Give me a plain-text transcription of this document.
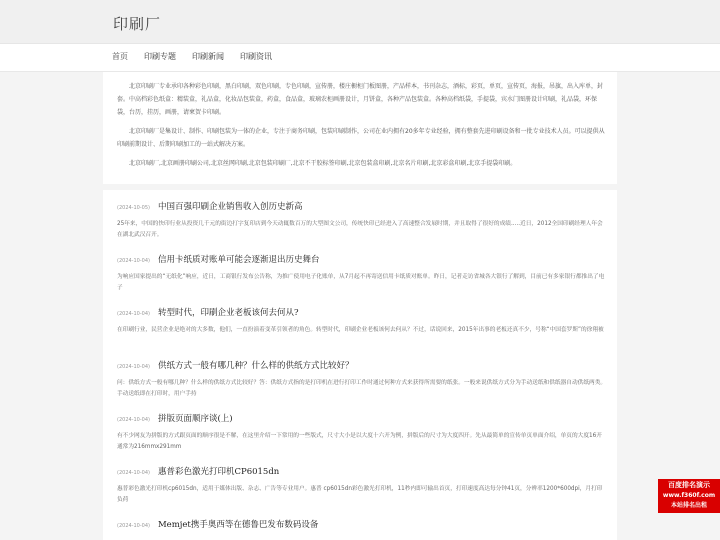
印刷厂
首页 印刷专题 印刷新闻 印刷资讯

北京印刷厂专业承印各种彩色印刷，黑白印刷，双色印刷，专色印刷，宣传册，楼庄橱柜门板图册，产品样本，书刊杂志，酒标，彩页，单页，宣传页，海报，吊旗，出入库单，封套。中高档彩色纸盒：精装盒，礼品盒，化妆品包装盒，药盒，食品盒，玻璃农柜画册设计，月饼盒，各种产品包装盒。各种高档纸袋，手提袋，宾水门图册设计印刷，礼品袋，环保袋，台历，挂历，画册，请柬贺卡印刷。

北京印刷厂是集设计、制作、印刷包装为一体的企业，专注于商务印刷，包装印刷制作，公司在业内拥有20多年专业经验，拥有整套先进印刷设备和一批专业技术人员。可以提供从印刷前期设计、后期印刷加工的一站式解决方案。

北京印刷厂,北京画册印刷公司,北京丝网印刷,北京包装印刷厂,北京不干胶标签印刷,北京包装盒印刷,北京名片印刷,北京彩盒印刷,北京手提袋印刷。

(2024-10-05) 中国百强印刷企业销售收入创历史新高
25年来，中国的快印行业从投资几千元的街边打字复印店到今天动辄数百万的大型图文公司，传统快印已经进入了高速整合发展时期，并且取得了很好的成绩.....近日，2012全国印刷经理人年会在湖北武汉召开。
(2024-10-04) 信用卡纸质对账单可能会逐渐退出历史舞台
为响应国家提出的“无纸化”响应，近日，工商银行发布公告称，为推广使用电子化账单，从7月起不再寄送信用卡纸质对账单。昨日，记者走访省城各大银行了解到，目前已有多家银行都推出了电子
(2024-10-04) 转型时代，印刷企业老板该何去何从?
在印刷行业，民营企业是绝对的大多数，他们，一直扮演着变革引领者的角色。转型时代，印刷企业老板该何去何从？不过，话说回来，2015年出事的老板还真不少，号称“中国套罗斯”的徐翔被
(2024-10-04) 供纸方式一般有哪几种？什么样的供纸方式比较好？
问：供纸方式一般有哪几种？什么样的供纸方式比较好？答：供纸方式指的是打印机在进行打印工作时通过何种方式来获得所需要的纸张。一般来说供纸方式分为手动送纸和供纸器自动供纸两类。手动送纸即在打印时，用户手持
(2024-10-04) 拼版页面顺序谈(上)
有不少网友为拼版的方式跟页面的顺序很是不解，在这里介绍一下常用的一些版式，尺寸大小是以大度十六开为例，拼版后的尺寸为大度四开。先从最简单的宣传单页单面介绍，单页的大度16开通常为216mmx291mm
(2024-10-04) 惠普彩色激光打印机CP6015dn
惠普彩色激光打印机cp6015dn，适用于媒体出版、杂志、广告等专业用户。惠普 cp6015dn彩色激光打印机，11秒内即可输出首页，打印速度高达每分钟41页，分辨率1200*600dpi，月打印负荷
(2024-10-04) Memjet携手奥西等在德鲁巴发布数码设备
百度排名演示
www.f360f.com
本站排名出租
